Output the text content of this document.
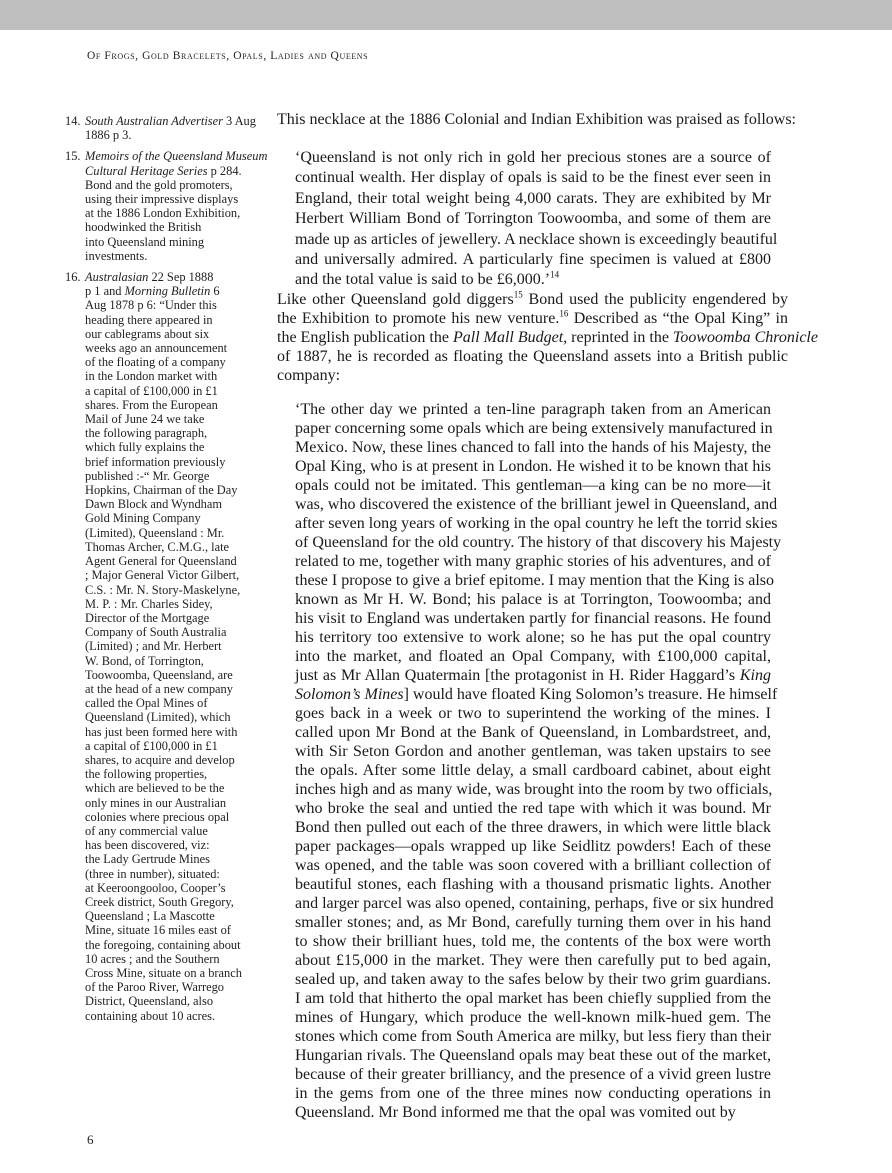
Of Frogs, Gold Bracelets, Opals, Ladies and Queens
14. South Australian Advertiser 3 Aug
1886 p 3.
15. Memoirs of the Queensland Museum
Cultural Heritage Series p 284.
Bond and the gold promoters,
using their impressive displays
at the 1886 London Exhibition,
hoodwinked the British
into Queensland mining
investments.
16. Australasian 22 Sep 1888
p 1 and Morning Bulletin 6
Aug 1878 p 6: “Under this
heading there appeared in
our cablegrams about six
weeks ago an announcement
of the floating of a company
in the London market with
a capital of £100,000 in £1
shares. From the European
Mail of June 24 we take
the following paragraph,
which fully explains the
brief information previously
published :-“ Mr. George
Hopkins, Chairman of the Day
Dawn Block and Wyndham
Gold Mining Company
(Limited), Queensland : Mr.
Thomas Archer, C.M.G., late
Agent General for Queensland
; Major General Victor Gilbert,
C.S. : Mr. N. Story-Maskelyne,
M. P. : Mr. Charles Sidey,
Director of the Mortgage
Company of South Australia
(Limited) ; and Mr. Herbert
W. Bond, of Torrington,
Toowoomba, Queensland, are
at the head of a new company
called the Opal Mines of
Queensland (Limited), which
has just been formed here with
a capital of £100,000 in £1
shares, to acquire and develop
the following properties,
which are believed to be the
only mines in our Australian
colonies where precious opal
of any commercial value
has been discovered, viz:
the Lady Gertrude Mines
(three in number), situated:
at Keeroongooloo, Cooper’s
Creek district, South Gregory,
Queensland ; La Mascotte
Mine, situate 16 miles east of
the foregoing, containing about
10 acres ; and the Southern
Cross Mine, situate on a branch
of the Paroo River, Warrego
District, Queensland, also
containing about 10 acres.
This necklace at the 1886 Colonial and Indian Exhibition was praised as follows:
‘Queensland is not only rich in gold her precious stones are a source of
continual wealth. Her display of opals is said to be the finest ever seen in
England, their total weight being 4,000 carats. They are exhibited by Mr
Herbert William Bond of Torrington Toowoomba, and some of them are
made up as articles of jewellery. A necklace shown is exceedingly beautiful
and universally admired. A particularly fine specimen is valued at £800
and the total value is said to be £6,000.’$^{14}$
Like other Queensland gold diggers$^{15}$ Bond used the publicity engendered by
the Exhibition to promote his new venture.$^{16}$ Described as “the Opal King” in
the English publication the Pall Mall Budget, reprinted in the Toowoomba Chronicle
of 1887, he is recorded as floating the Queensland assets into a British public
company:
‘The other day we printed a ten-line paragraph taken from an American
paper concerning some opals which are being extensively manufactured in
Mexico. Now, these lines chanced to fall into the hands of his Majesty, the
Opal King, who is at present in London. He wished it to be known that his
opals could not be imitated. This gentleman—a king can be no more—it
was, who discovered the existence of the brilliant jewel in Queensland, and
after seven long years of working in the opal country he left the torrid skies
of Queensland for the old country. The history of that discovery his Majesty
related to me, together with many graphic stories of his adventures, and of
these I propose to give a brief epitome. I may mention that the King is also
known as Mr H. W. Bond; his palace is at Torrington, Toowoomba; and
his visit to England was undertaken partly for financial reasons. He found
his territory too extensive to work alone; so he has put the opal country
into the market, and floated an Opal Company, with £100,000 capital,
just as Mr Allan Quatermain [the protagonist in H. Rider Haggard’s King
Solomon’s Mines] would have floated King Solomon’s treasure. He himself
goes back in a week or two to superintend the working of the mines. I
called upon Mr Bond at the Bank of Queensland, in Lombardstreet, and,
with Sir Seton Gordon and another gentleman, was taken upstairs to see
the opals. After some little delay, a small cardboard cabinet, about eight
inches high and as many wide, was brought into the room by two officials,
who broke the seal and untied the red tape with which it was bound. Mr
Bond then pulled out each of the three drawers, in which were little black
paper packages—opals wrapped up like Seidlitz powders! Each of these
was opened, and the table was soon covered with a brilliant collection of
beautiful stones, each flashing with a thousand prismatic lights. Another
and larger parcel was also opened, containing, perhaps, five or six hundred
smaller stones; and, as Mr Bond, carefully turning them over in his hand
to show their brilliant hues, told me, the contents of the box were worth
about £15,000 in the market. They were then carefully put to bed again,
sealed up, and taken away to the safes below by their two grim guardians.
I am told that hitherto the opal market has been chiefly supplied from the
mines of Hungary, which produce the well-known milk-hued gem. The
stones which come from South America are milky, but less fiery than their
Hungarian rivals. The Queensland opals may beat these out of the market,
because of their greater brilliancy, and the presence of a vivid green lustre
in the gems from one of the three mines now conducting operations in
Queensland. Mr Bond informed me that the opal was vomited out by
6
